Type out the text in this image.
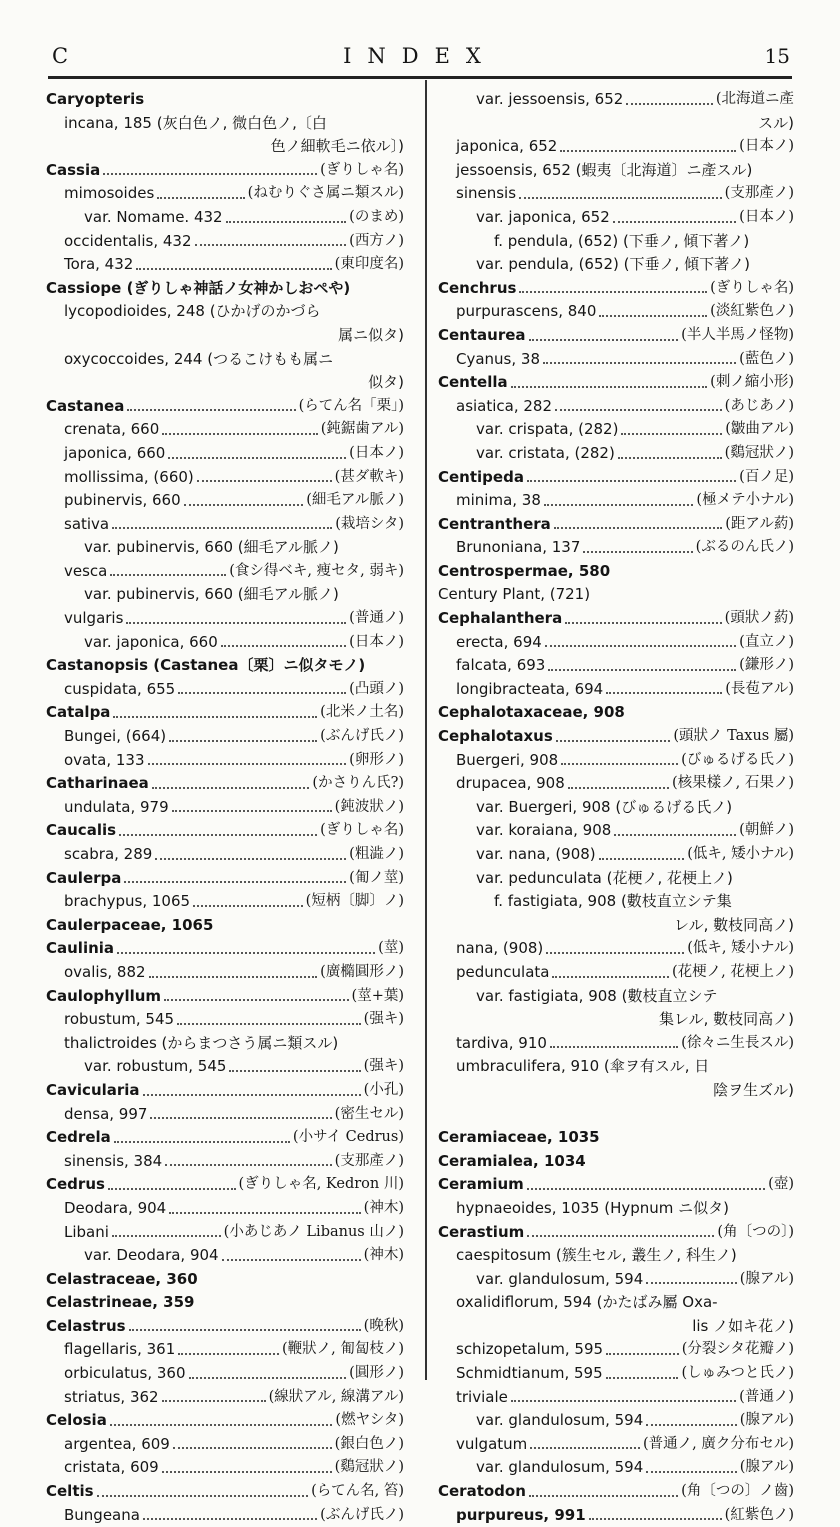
C	INDEX	15
Caryopteris
incana, 185 (灰白色ノ, 微白色ノ,〔白
色ノ細軟毛ニ依ル〕)
Cassia	(ぎりしゃ名)
mimosoides	(ねむりぐさ属ニ類スル)
var. Nomame. 432	(のまめ)
occidentalis, 432	(西方ノ)
Tora, 432	(東印度名)
Cassiope (ぎりしゃ神話ノ女神かしおペや)
lycopodioides, 248 (ひかげのかづら
属ニ似タ)
oxycoccoides, 244 (つるこけもも属ニ
似タ)
Castanea	(らてん名「栗」)
crenata, 660	(鈍鋸歯アル)
japonica, 660	(日本ノ)
mollissima, (660)	(甚ダ軟キ)
pubinervis, 660	(細毛アル脈ノ)
sativa	(栽培シタ)
var. pubinervis, 660 (細毛アル脈ノ)
vesca	(食シ得ベキ, 痩セタ, 弱キ)
var. pubinervis, 660 (細毛アル脈ノ)
vulgaris	(普通ノ)
var. japonica, 660	(日本ノ)
Castanopsis (Castanea〔栗〕ニ似タモノ)
cuspidata, 655	(凸頭ノ)
Catalpa	(北米ノ土名)
Bungei, (664)	(ぶんげ氏ノ)
ovata, 133	(卵形ノ)
Catharinaea	(かさりん氏?)
undulata, 979	(鈍波狀ノ)
Caucalis	(ぎりしゃ名)
scabra, 289	(粗澁ノ)
Caulerpa	(匍ノ莖)
brachypus, 1065	(短柄〔脚〕ノ)
Caulerpaceae, 1065
Caulinia	(莖)
ovalis, 882	(廣橢圓形ノ)
Caulophyllum	(莖+葉)
robustum, 545	(强キ)
thalictroides (からまつさう属ニ類スル)
var. robustum, 545	(强キ)
Cavicularia	(小孔)
densa, 997	(密生セル)
Cedrela	(小サイ Cedrus)
sinensis, 384	(支那產ノ)
Cedrus	(ぎりしゃ名, Kedron 川)
Deodara, 904	(神木)
Libani	(小あじあノ Libanus 山ノ)
var. Deodara, 904	(神木)
Celastraceae, 360
Celastrineae, 359
Celastrus	(晚秋)
flagellaris, 361	(鞭狀ノ, 匍匐枝ノ)
orbiculatus, 360	(圓形ノ)
striatus, 362	(線狀アル, 線溝アル)
Celosia	(燃ヤシタ)
argentea, 609	(銀白色ノ)
cristata, 609	(鷄冠狀ノ)
Celtis	(らてん名, 笞)
Bungeana	(ぶんげ氏ノ)
var. jessoensis, 652	(北海道ニ產
スル)
japonica, 652	(日本ノ)
jessoensis, 652 (蝦夷〔北海道〕ニ產スル)
sinensis	(支那產ノ)
var. japonica, 652	(日本ノ)
f. pendula, (652) (下垂ノ, 傾下著ノ)
var. pendula, (652) (下垂ノ, 傾下著ノ)
Cenchrus	(ぎりしゃ名)
purpurascens, 840	(淡紅紫色ノ)
Centaurea	(半人半馬ノ怪物)
Cyanus, 38	(藍色ノ)
Centella	(刺ノ縮小形)
asiatica, 282	(あじあノ)
var. crispata, (282)	(皺曲アル)
var. cristata, (282)	(鷄冠狀ノ)
Centipeda	(百ノ足)
minima, 38	(極メテ小ナル)
Centranthera	(距アル葯)
Brunoniana, 137	(ぶるのん氏ノ)
Centrospermae, 580
Century Plant, (721)
Cephalanthera	(頭狀ノ葯)
erecta, 694	(直立ノ)
falcata, 693	(鎌形ノ)
longibracteata, 694	(長苞アル)
Cephalotaxaceae, 908
Cephalotaxus	(頭狀ノ Taxus 屬)
Buergeri, 908	(びゅるげる氏ノ)
drupacea, 908	(核果樣ノ, 石果ノ)
var. Buergeri, 908 (びゅるげる氏ノ)
var. koraiana, 908	(朝鮮ノ)
var. nana, (908)	(低キ, 矮小ナル)
var. pedunculata (花梗ノ, 花梗上ノ)
f. fastigiata, 908 (數枝直立シテ集
レル, 數枝同高ノ)
nana, (908)	(低キ, 矮小ナル)
pedunculata	(花梗ノ, 花梗上ノ)
var. fastigiata, 908 (數枝直立シテ
集レル, 數枝同高ノ)
tardiva, 910	(徐々ニ生長スル)
umbraculifera, 910 (傘ヲ有スル, 日
陰ヲ生ズル)
Ceramiaceae, 1035
Ceramialea, 1034
Ceramium	(壺)
hypnaeoides, 1035 (Hypnum ニ似タ)
Cerastium	(角〔つの〕)
caespitosum (簇生セル, 叢生ノ, 科生ノ)
var. glandulosum, 594	(腺アル)
oxalidiflorum, 594 (かたばみ屬 Oxa-
lis ノ如キ花ノ)
schizopetalum, 595	(分裂シタ花瓣ノ)
Schmidtianum, 595	(しゅみつと氏ノ)
triviale	(普通ノ)
var. glandulosum, 594	(腺アル)
vulgatum	(普通ノ, 廣ク分布セル)
var. glandulosum, 594	(腺アル)
Ceratodon	(角〔つの〕ノ齒)
purpureus, 991	(紅紫色ノ)
